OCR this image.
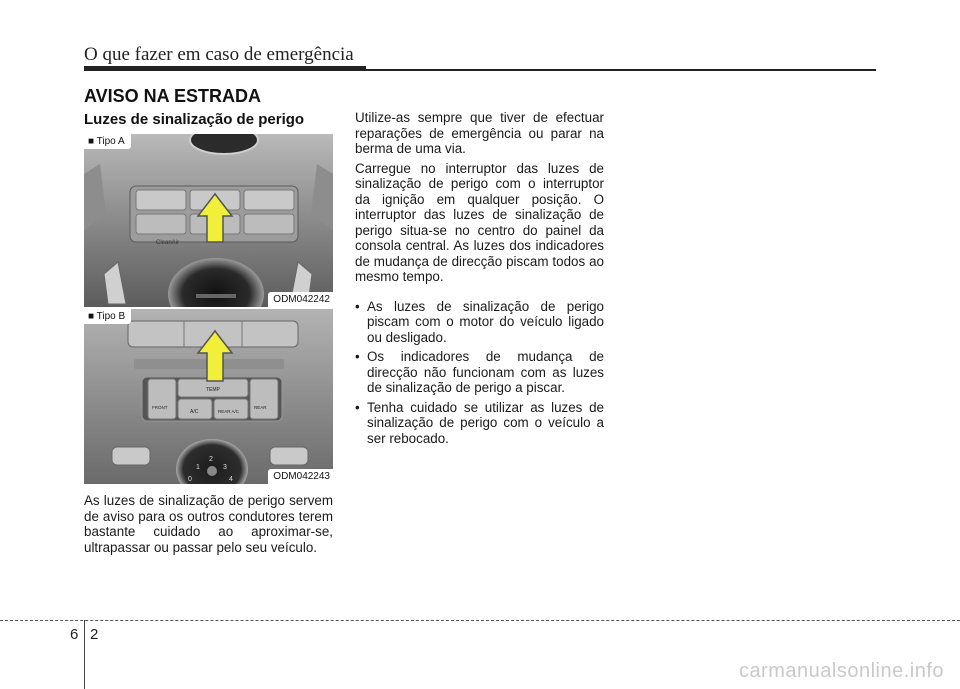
O que fazer em caso de emergência
AVISO NA ESTRADA
Luzes de sinalização de perigo
CleanAir
■ Tipo A
ODM042242
TEMP
FRONT
A/C	REAR A/C
REAR
0
1
2
3
4
■ Tipo B
ODM042243

As luzes de sinalização de perigo servem de aviso para os outros condutores terem bastante cuidado ao aproximar-se, ultrapassar ou passar pelo seu veículo.

Utilize-as sempre que tiver de efectuar reparações de emergência ou parar na berma de uma via.

Carregue no interruptor das luzes de sinalização de perigo com o interruptor da ignição em qualquer posição. O interruptor das luzes de sinalização de perigo situa-se no centro do painel da consola central. As luzes dos indicadores de mudança de direcção piscam todos ao mesmo tempo.

• As luzes de sinalização de perigo piscam com o motor do veículo ligado ou desligado.
• Os indicadores de mudança de direcção não funcionam com as luzes de sinalização de perigo a piscar.
• Tenha cuidado se utilizar as luzes de sinalização de perigo com o veículo a ser rebocado.
6 2
carmanualsonline.info
